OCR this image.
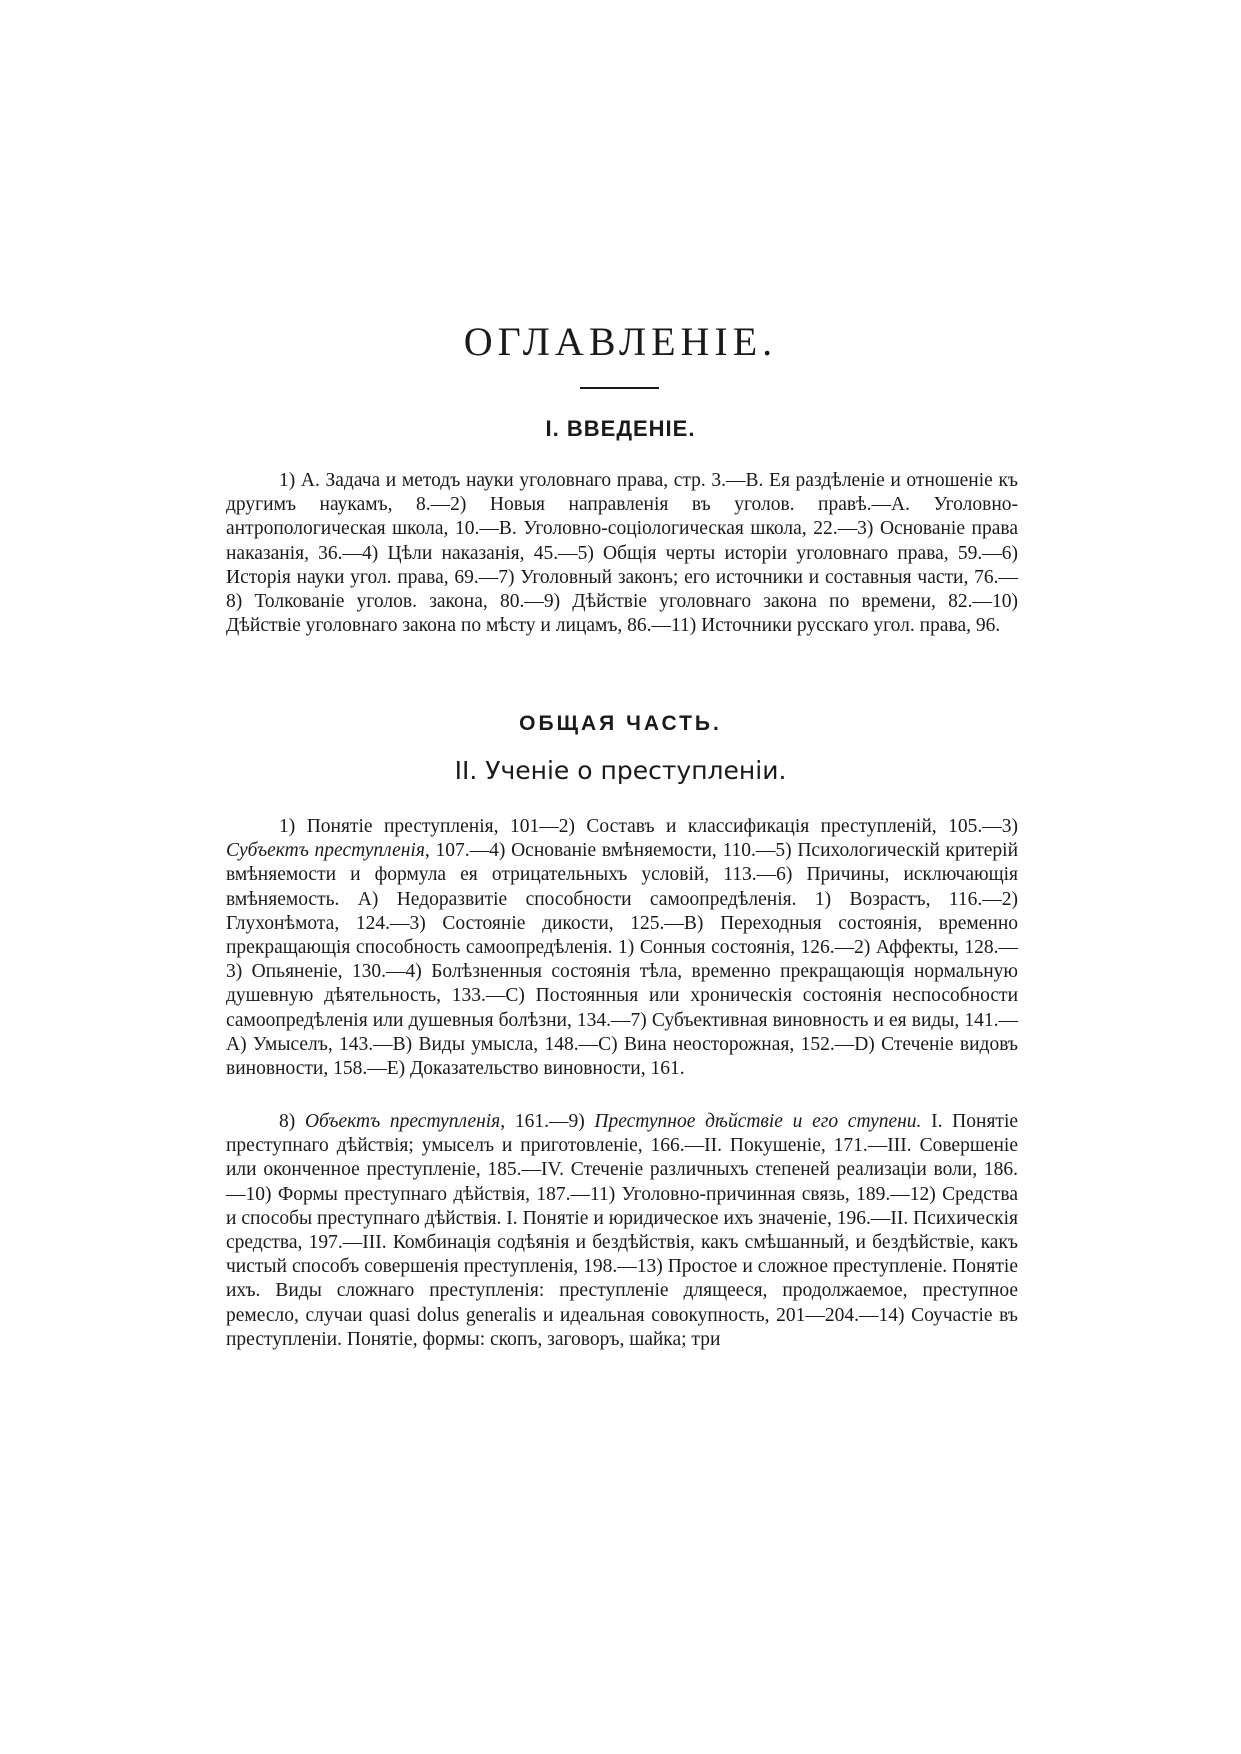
ОГЛАВЛЕНІЕ.
I. ВВЕДЕНІЕ.

1) А. Задача и методъ науки уголовнаго права, стр. 3.—В. Ея раздѣленіе и отношеніе къ другимъ наукамъ, 8.—2) Новыя направленія въ уголов. правѣ.—А. Уголовно-антропологическая школа, 10.—В. Уголовно-соціологическая школа, 22.—3) Основаніе права наказанія, 36.—4) Цѣли наказанія, 45.—5) Общія черты исторіи уголовнаго права, 59.—6) Исторія науки угол. права, 69.—7) Уголовный законъ; его источники и составныя части, 76.—8) Толкованіе уголов. закона, 80.—9) Дѣйствіе уголовнаго закона по времени, 82.—10) Дѣйствіе уголовнаго закона по мѣсту и лицамъ, 86.—11) Источники русскаго угол. права, 96.

ОБЩАЯ ЧАСТЬ.
II. Ученіе о преступленіи.

1) Понятіе преступленія, 101—2) Составъ и классификація преступленій, 105.—3) Субъектъ преступленія, 107.—4) Основаніе вмѣняемости, 110.—5) Психологическій критерій вмѣняемости и формула ея отрицательныхъ условій, 113.—6) Причины, исключающія вмѣняемость. А) Недоразвитіе способности самоопредѣленія. 1) Возрастъ, 116.—2) Глухонѣмота, 124.—3) Состояніе дикости, 125.—В) Переходныя состоянія, временно прекращающія способность самоопредѣленія. 1) Сонныя состоянія, 126.—2) Аффекты, 128.—3) Опьяненіе, 130.—4) Болѣзненныя состоянія тѣла, временно прекращающія нормальную душевную дѣятельность, 133.—С) Постоянныя или хроническія состоянія неспособности самоопредѣленія или душевныя болѣзни, 134.—7) Субъективная виновность и ея виды, 141.—А) Умыселъ, 143.—В) Виды умысла, 148.—С) Вина неосторожная, 152.—D) Стеченіе видовъ виновности, 158.—Е) Доказательство виновности, 161.

8) Объектъ преступленія, 161.—9) Преступное дѣйствіе и его ступени. I. Понятіе преступнаго дѣйствія; умыселъ и приготовленіе, 166.—II. Покушеніе, 171.—III. Совершеніе или оконченное преступленіе, 185.—IV. Стеченіе различныхъ степеней реализаціи воли, 186.—10) Формы преступнаго дѣйствія, 187.—11) Уголовно-причинная связь, 189.—12) Средства и способы преступнаго дѣйствія. I. Понятіе и юридическое ихъ значеніе, 196.—II. Психическія средства, 197.—III. Комбинація содѣянія и бездѣйствія, какъ смѣшанный, и бездѣйствіе, какъ чистый способъ совершенія преступленія, 198.—13) Простое и сложное преступленіе. Понятіе ихъ. Виды сложнаго преступленія: преступленіе длящееся, продолжаемое, преступное ремесло, случаи quasi dolus generalis и идеальная совокупность, 201—204.—14) Соучастіе въ преступленіи. Понятіе, формы: скопъ, заговоръ, шайка; три
